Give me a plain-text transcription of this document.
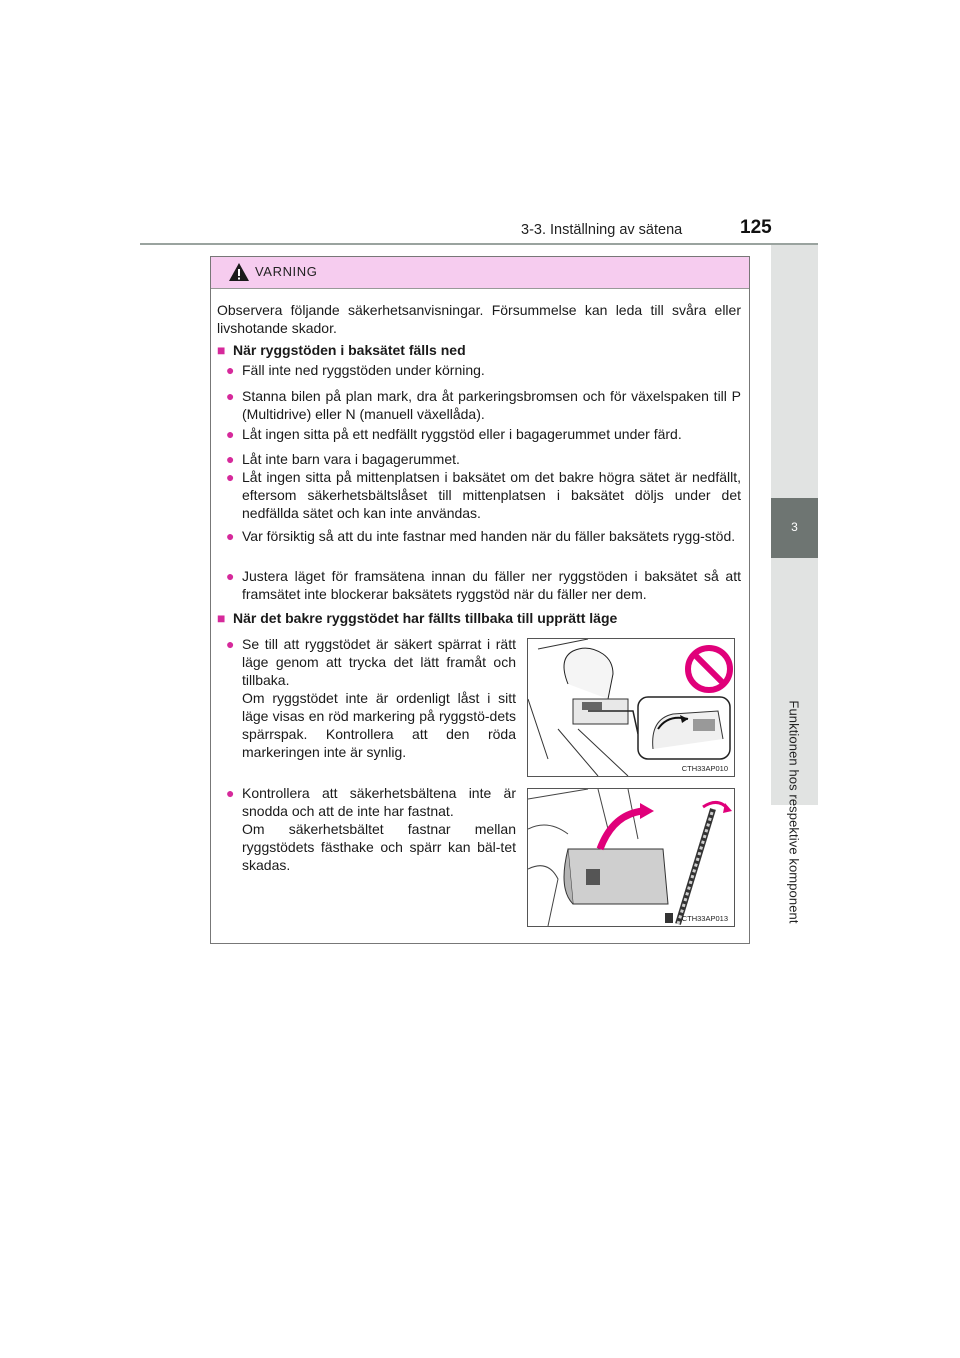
3-3. Inställning av sätena	125
3
Funktionen hos respektive komponent
VARNING
Observera följande säkerhetsanvisningar. Försummelse kan leda till svåra eller livshotande skador.
■ När ryggstöden i baksätet fälls ned
● Fäll inte ned ryggstöden under körning.
● Stanna bilen på plan mark, dra åt parkeringsbromsen och för växelspaken till P (Multidrive) eller N (manuell växellåda).
● Låt ingen sitta på ett nedfällt ryggstöd eller i bagagerummet under färd.
● Låt inte barn vara i bagagerummet.
● Låt ingen sitta på mittenplatsen i baksätet om det bakre högra sätet är nedfällt, eftersom säkerhetsbältslåset till mittenplatsen i baksätet döljs under det nedfällda sätet och kan inte användas.
● Var försiktig så att du inte fastnar med handen när du fäller baksätets rygg-stöd.
● Justera läget för framsätena innan du fäller ner ryggstöden i baksätet så att framsätet inte blockerar baksätets ryggstöd när du fäller ner dem.
■ När det bakre ryggstödet har fällts tillbaka till upprätt läge
● Se till att ryggstödet är säkert spärrat i rätt läge genom att trycka det lätt framåt och tillbaka.
Om ryggstödet inte är ordenligt låst i sitt läge visas en röd markering på ryggstö-dets spärrspak. Kontrollera att den röda markeringen inte är synlig.
● Kontrollera att säkerhetsbältena inte är snodda och att de inte har fastnat.
Om säkerhetsbältet fastnar mellan ryggstödets fästhake och spärr kan bäl-tet skadas.
CTH33AP010
CTH33AP013
